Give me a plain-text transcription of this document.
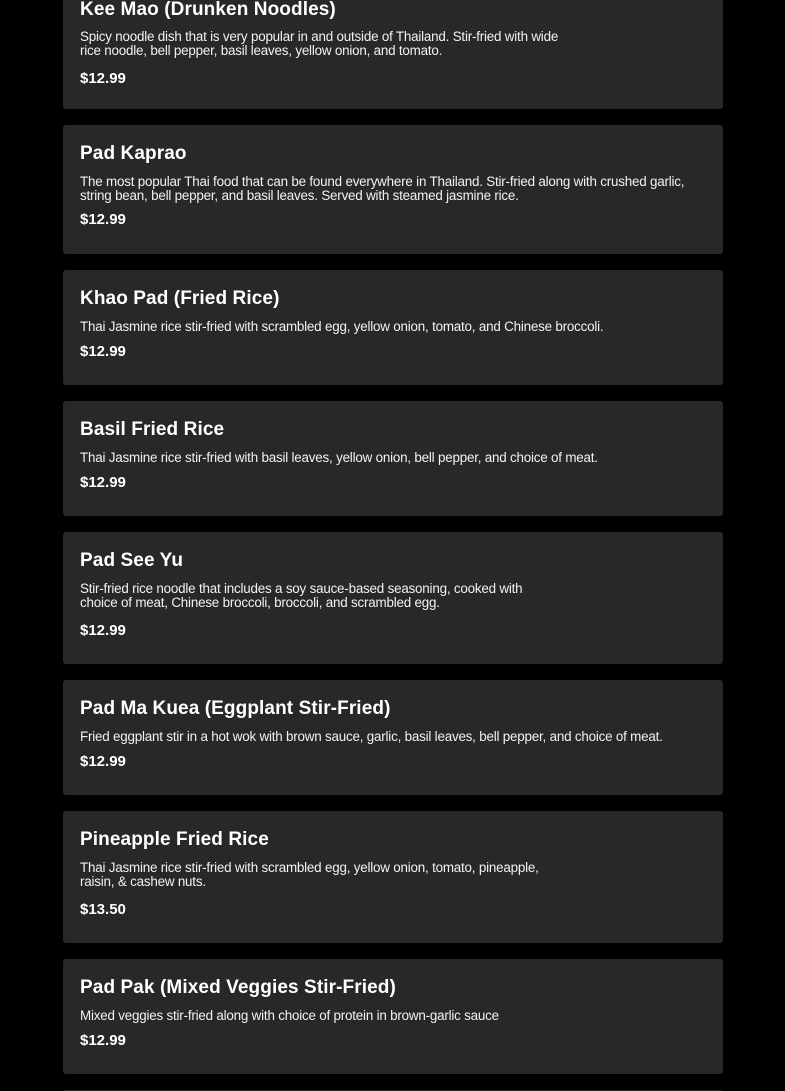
Kee Mao (Drunken Noodles)

Spicy noodle dish that is very popular in and outside of Thailand. Stir-fried with wide rice noodle, bell pepper, basil leaves, yellow onion, and tomato.

$12.99

Pad Kaprao

The most popular Thai food that can be found everywhere in Thailand. Stir-fried along with crushed garlic, string bean, bell pepper, and basil leaves. Served with steamed jasmine rice.

$12.99

Khao Pad (Fried Rice)

Thai Jasmine rice stir-fried with scrambled egg, yellow onion, tomato, and Chinese broccoli.

$12.99

Basil Fried Rice

Thai Jasmine rice stir-fried with basil leaves, yellow onion, bell pepper, and choice of meat.

$12.99

Pad See Yu

Stir-fried rice noodle that includes a soy sauce-based seasoning, cooked with choice of meat, Chinese broccoli, broccoli, and scrambled egg.

$12.99

Pad Ma Kuea (Eggplant Stir-Fried)

Fried eggplant stir in a hot wok with brown sauce, garlic, basil leaves, bell pepper, and choice of meat.

$12.99

Pineapple Fried Rice

Thai Jasmine rice stir-fried with scrambled egg, yellow onion, tomato, pineapple, raisin, & cashew nuts.

$13.50

Pad Pak (Mixed Veggies Stir-Fried)

Mixed veggies stir-fried along with choice of protein in brown-garlic sauce

$12.99
